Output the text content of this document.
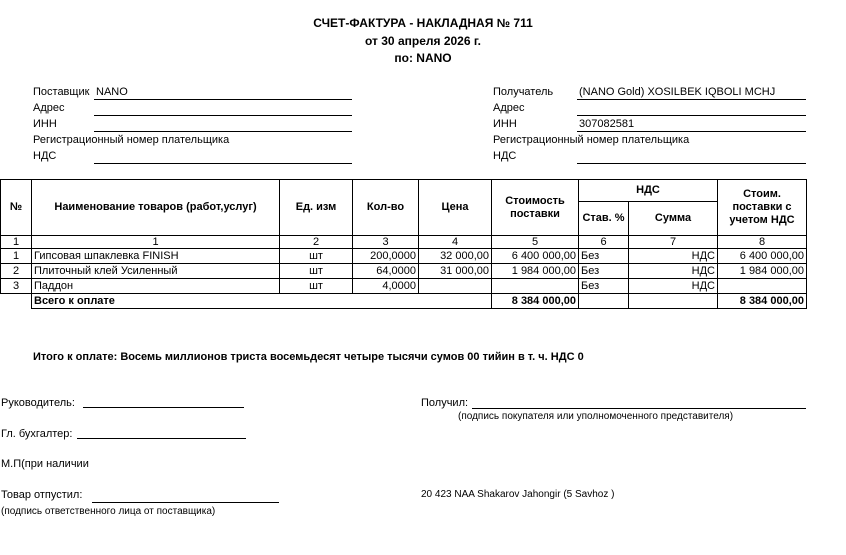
СЧЕТ-ФАКТУРА - НАКЛАДНАЯ № 711
от 30 апреля 2026 г.
по: NANO
Поставщик NANO
Адрес
ИНН
Регистрационный номер плательщика
НДС
Получатель (NANO Gold) XOSILBEK IQBOLI MCHJ
Адрес
ИНН	307082581
Регистрационный номер плательщика
НДС
№	Наименование товаров (работ,услуг)	Ед. изм	Кол-во	Цена	Стоимость поставки	НДС		Стоим. поставки с учетом НДС
						Став. %	Сумма	
1	1	2	3	4	5	6	7	8
1	Гипсовая шпаклевка FINISH	шт	200,0000	32 000,00	6 400 000,00	Без	НДС	6 400 000,00
2	Плиточный клей Усиленный	шт	64,0000	31 000,00	1 984 000,00	Без	НДС	1 984 000,00
3	Паддон	шт	4,0000			Без	НДС	
	Всего к оплате				8 384 000,00			8 384 000,00
Итого к оплате: Восемь миллионов триста восемьдесят четыре тысячи сумов 00 тийин в т. ч. НДС 0
Руководитель:
Гл. бухгалтер:
М.П(при наличии
Товар отпустил:
(подпись ответственного лица от поставщика)
Получил:
(подпись покупателя или уполномоченного представителя)
20 423 NAA Shakarov Jahongir (5 Savhoz )
